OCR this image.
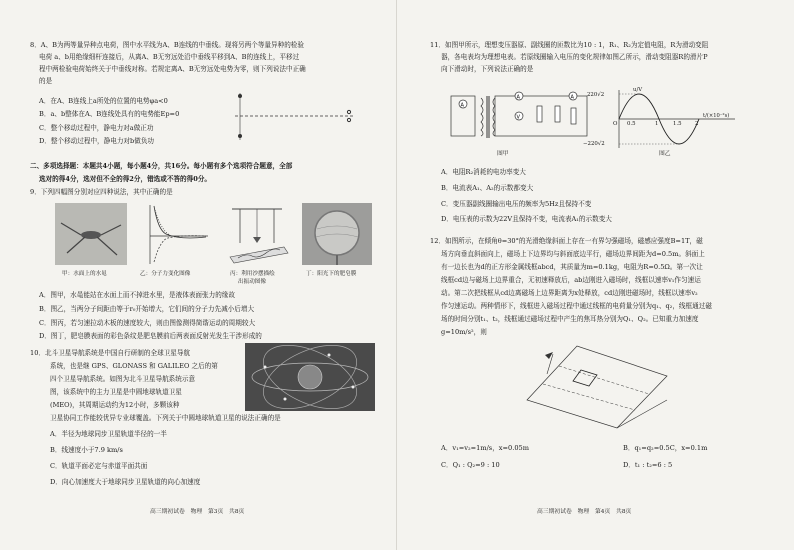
8．A、B为两等量异种点电荷，图中水平线为A、B连线的中垂线。现将另两个等量异种的检验
电荷 a、b用绝缘细杆连接后，从离A、B无穷远处沿中垂线平移到A、B的连线上，平移过
程中两检验电荷始终关于中垂线对称。若规定离A、B无穷远处电势为零，则下列说法中正确
的是
A．在A、B连线上a所处的位置的电势φa<0
B．a、b整体在A、B连线处具有的电势能Ep=0
C．整个移动过程中，静电力对a做正功
D．整个移动过程中，静电力对b做负功
二、多项选择题：本题共4小题，每小题4分，共16分。每小题有多个选项符合题意，全部
选对的得4分，选对但不全的得2分，错选或不答的得0分。
9．下列四幅图分别对应四种说法，其中正确的是
甲：水面上的水黾	乙：分子力变化图像	丙：利用沙摆描绘
出振动图像
丁：阳光下的肥皂膜
A．图甲，水黾能站在水面上而不掉进水里，是液体表面张力的缘故
B．图乙，当两分子间距由等于r₀开始增大，它们间的分子力先减小后增大
C．图丙，若匀速拉动木板的速度较大，则由图像测得简谐运动的周期较大
D．图丁，肥皂膜表面的彩色条纹是肥皂膜前后两表面反射光发生干涉形成的
10．北斗卫星导航系统是中国自行研制的全球卫星导航
系统，也是继 GPS、GLONASS 和 GALILEO 之后的第
四个卫星导航系统。如图为北斗卫星导航系统示意
图，该系统中的主力卫星是中圆地球轨道卫星
(MEO)，其周期运动约为12小时，多颗该种
卫星协同工作能较优异专业球覆盖。下列关于中圆地球轨道卫星的说法正确的是
A．半径为地球同步卫星轨道半径的一半
B．线速度小于7.9 km/s
C．轨道平面必定与赤道平面共面
D．向心加速度大于地球同步卫星轨道的向心加速度
高三期初试卷　物理　第3页　共8页
11．如图甲所示，理想变压器原、副线圈的匝数比为10 : 1，R₁、R₂为定值电阻，R为滑动变阻
器，各电表均为理想电表。若原线圈输入电压的变化规律如图乙所示，滑动变阻器R的滑片P
向下滑动时，下列说法正确的是
A
A
V
A
图甲
u/V
220√2
−220√2
O 0.5	1	1.5 2
t/(×10⁻²s)
图乙
A．电阻R₂消耗的电功率变大
B．电流表A₁、A₂的示数都变大
C．变压器副线圈输出电压的频率为5Hz且保持不变
D．电压表的示数为22V且保持不变，电流表A₁的示数变大
12．如图所示，在倾角θ=30°的光滑绝缘斜面上存在一有界匀强磁场，磁感应强度B=1T，磁
场方向垂直斜面向上，磁场上下边界均与斜面底边平行，磁场边界间距为d=0.5m。斜面上
有一边长也为d的正方形金属线框abcd，其质量为m=0.1kg，电阻为R=0.5Ω。第一次让
线框cd边与磁场上边界重合，无初速释放后，ab边刚进入磁场时，线框以速率v₁作匀速运
动。第二次把线框从cd边离磁场上边界距离为x处释放，cd边刚进磁场时，线框以速率v₂
作匀速运动。两种情形下，线框进入磁场过程中通过线框的电荷量分别为q₁、q₂，线框通过磁
场的时间分别t₁、t₂，线框通过磁场过程中产生的焦耳热分别为Q₁、Q₂。已知重力加速度
g=10m/s²，则
A．v₁=v₂=1m/s，x=0.05m	B．q₁=q₂=0.5C，x=0.1m
C．Q₁ : Q₂=9 : 10	D．t₁ : t₂=6 : 5
高三期初试卷　物理　第4页　共8页
